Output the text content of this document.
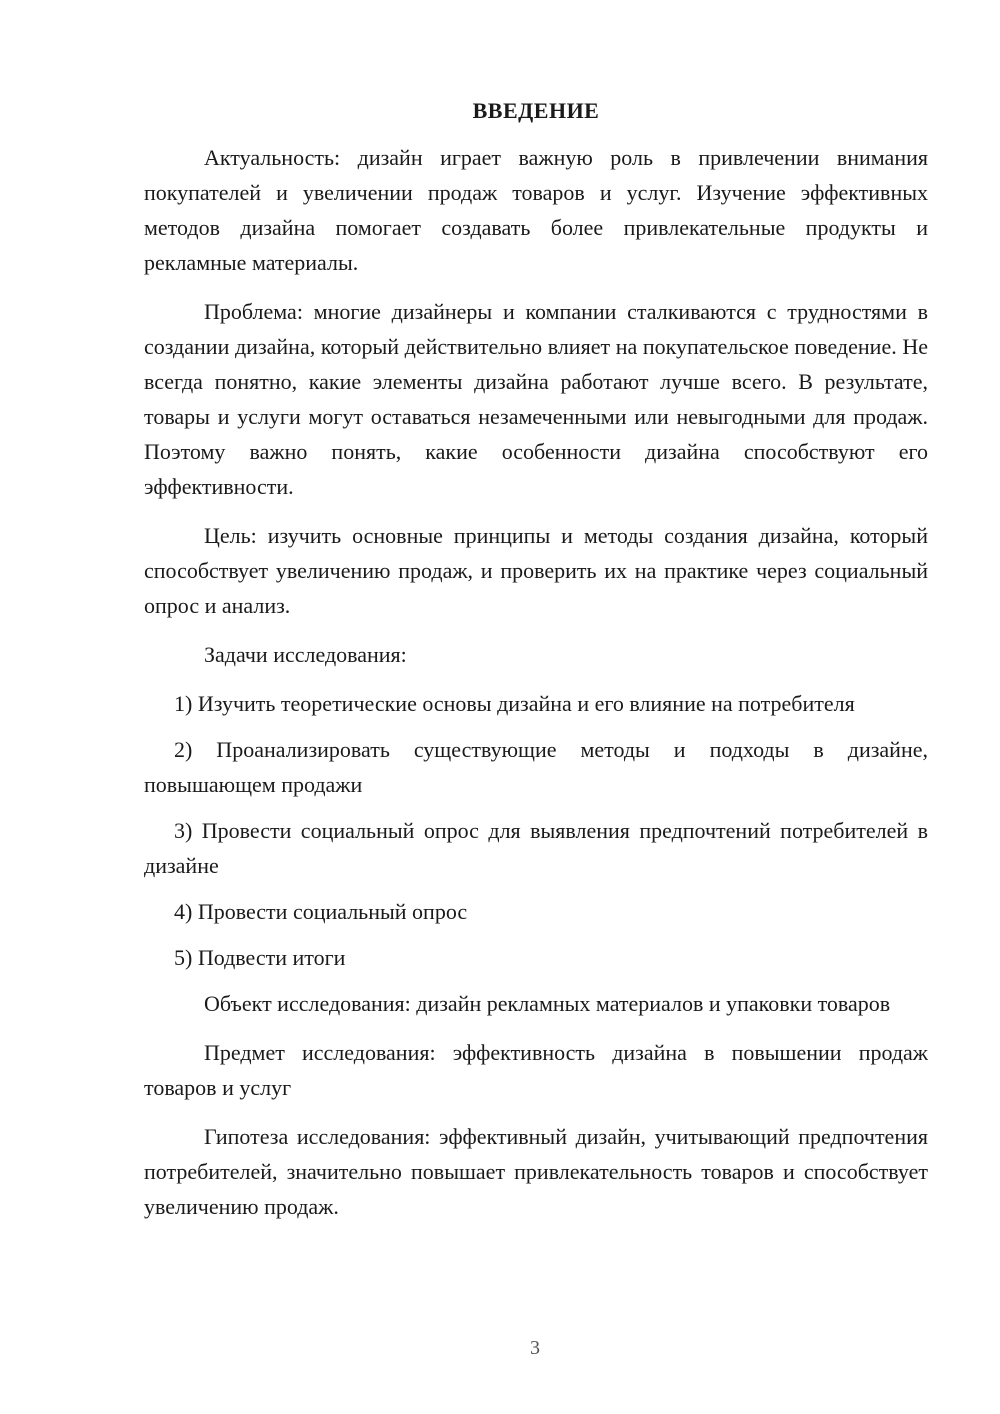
ВВЕДЕНИЕ

Актуальность: дизайн играет важную роль в привлечении внимания покупателей и увеличении продаж товаров и услуг. Изучение эффективных методов дизайна помогает создавать более привлекательные продукты и рекламные материалы.

Проблема: многие дизайнеры и компании сталкиваются с трудностями в создании дизайна, который действительно влияет на покупательское поведение. Не всегда понятно, какие элементы дизайна работают лучше всего. В результате, товары и услуги могут оставаться незамеченными или невыгодными для продаж. Поэтому важно понять, какие особенности дизайна способствуют его эффективности.

Цель: изучить основные принципы и методы создания дизайна, который способствует увеличению продаж, и проверить их на практике через социальный опрос и анализ.

Задачи исследования:

1) Изучить теоретические основы дизайна и его влияние на потребителя

2) Проанализировать существующие методы и подходы в дизайне, повышающем продажи

3) Провести социальный опрос для выявления предпочтений потребителей в дизайне

4) Провести социальный опрос

5) Подвести итоги

Объект исследования: дизайн рекламных материалов и упаковки товаров

Предмет исследования: эффективность дизайна в повышении продаж товаров и услуг

Гипотеза исследования: эффективный дизайн, учитывающий предпочтения потребителей, значительно повышает привлекательность товаров и способствует увеличению продаж.

3
